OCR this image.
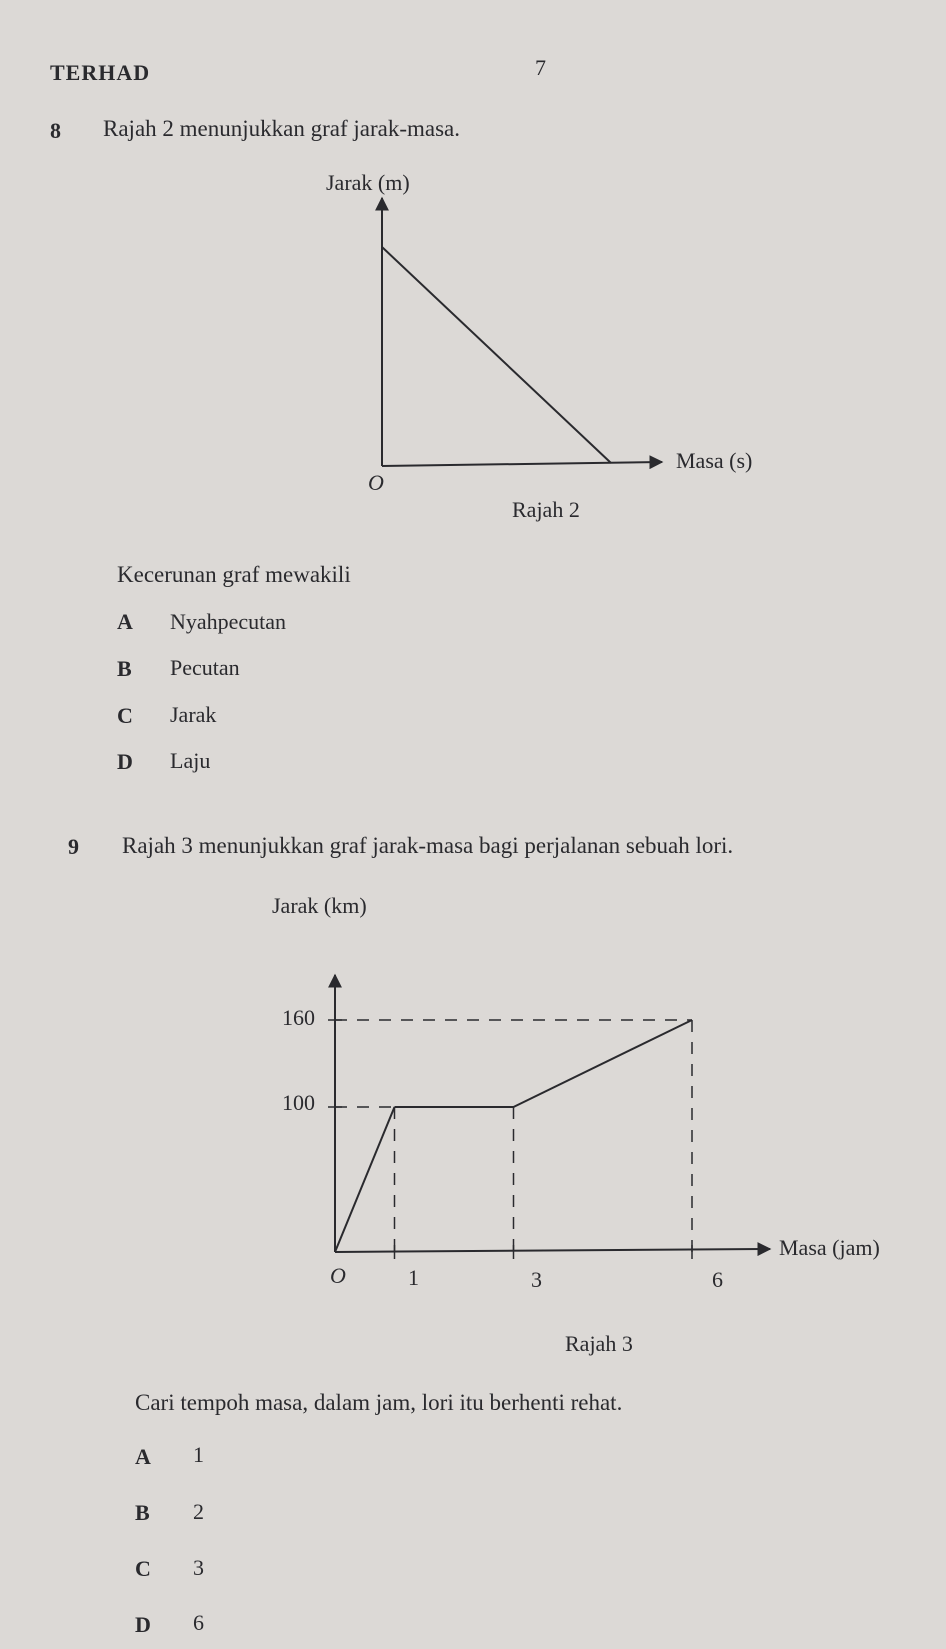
TERHAD	7
8 Rajah 2 menunjukkan graf jarak-masa.
Jarak (m)
Masa (s)
O
Rajah 2
Kecerunan graf mewakili
A Nyahpecutan
B Pecutan
C Jarak
D Laju
9 Rajah 3 menunjukkan graf jarak-masa bagi perjalanan sebuah lori.
Jarak (km)
Masa (jam)
O
160
100
1	3	6
Rajah 3
Cari tempoh masa, dalam jam, lori itu berhenti rehat.
A 1
B 2
C 3
D 6
